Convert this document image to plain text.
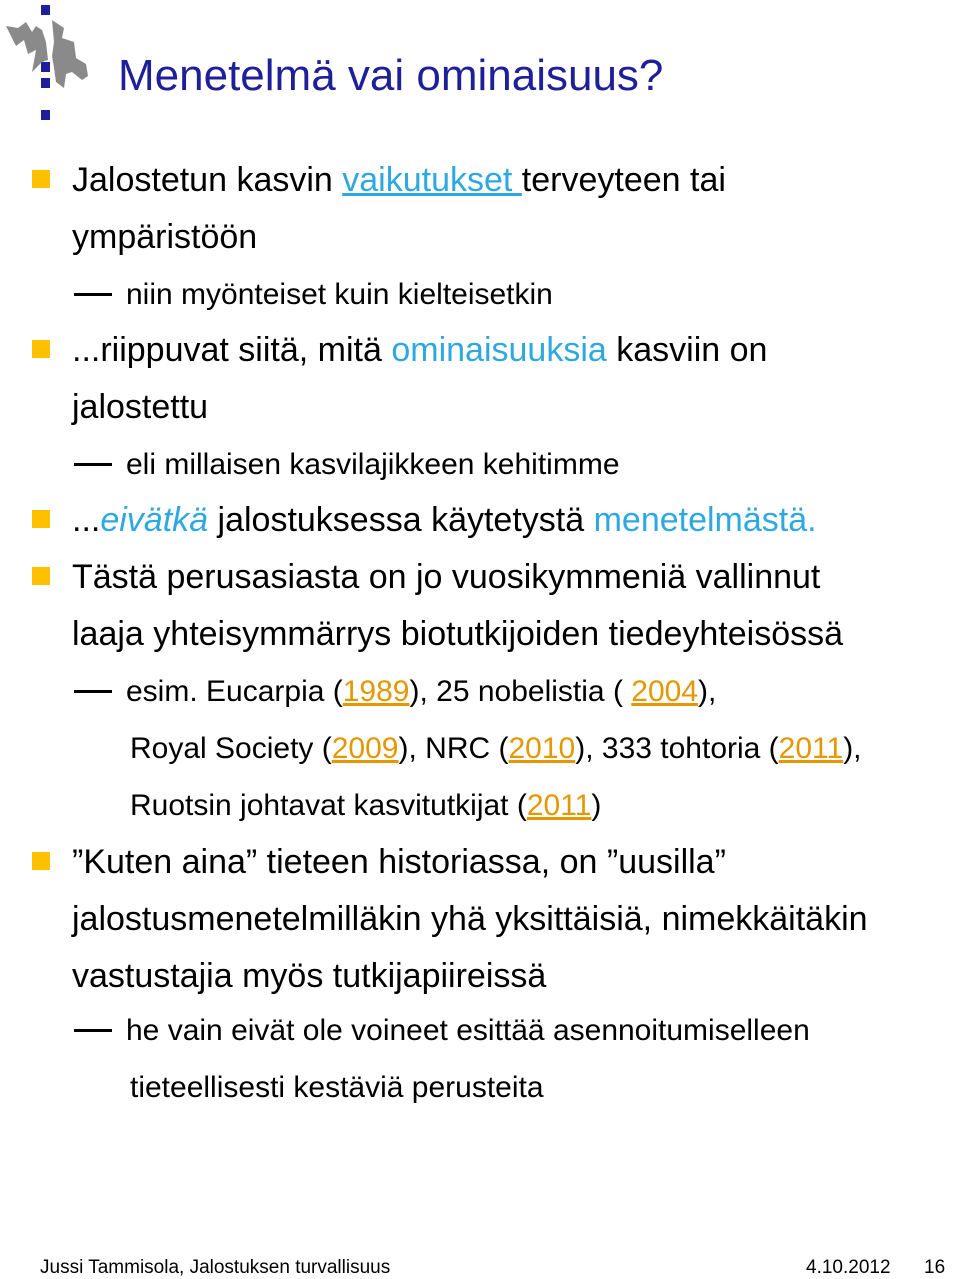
Menetelmä vai ominaisuus?
Jalostetun kasvin vaikutukset terveyteen tai
ympäristöön
niin myönteiset kuin kielteisetkin
...riippuvat siitä, mitä ominaisuuksia kasviin on
jalostettu
eli millaisen kasvilajikkeen kehitimme
...eivätkä jalostuksessa käytetystä menetelmästä.
Tästä perusasiasta on jo vuosikymmeniä vallinnut
laaja yhteisymmärrys biotutkijoiden tiedeyhteisössä
esim. Eucarpia (1989), 25 nobelistia ( 2004),
Royal Society (2009), NRC (2010), 333 tohtoria (2011),
Ruotsin johtavat kasvitutkijat (2011)
”Kuten aina” tieteen historiassa, on ”uusilla”
jalostusmenetelmilläkin yhä yksittäisiä, nimekkäitäkin
vastustajia myös tutkijapiireissä
he vain eivät ole voineet esittää asennoitumiselleen
tieteellisesti kestäviä perusteita
Jussi Tammisola, Jalostuksen turvallisuus	4.10.2012 16
